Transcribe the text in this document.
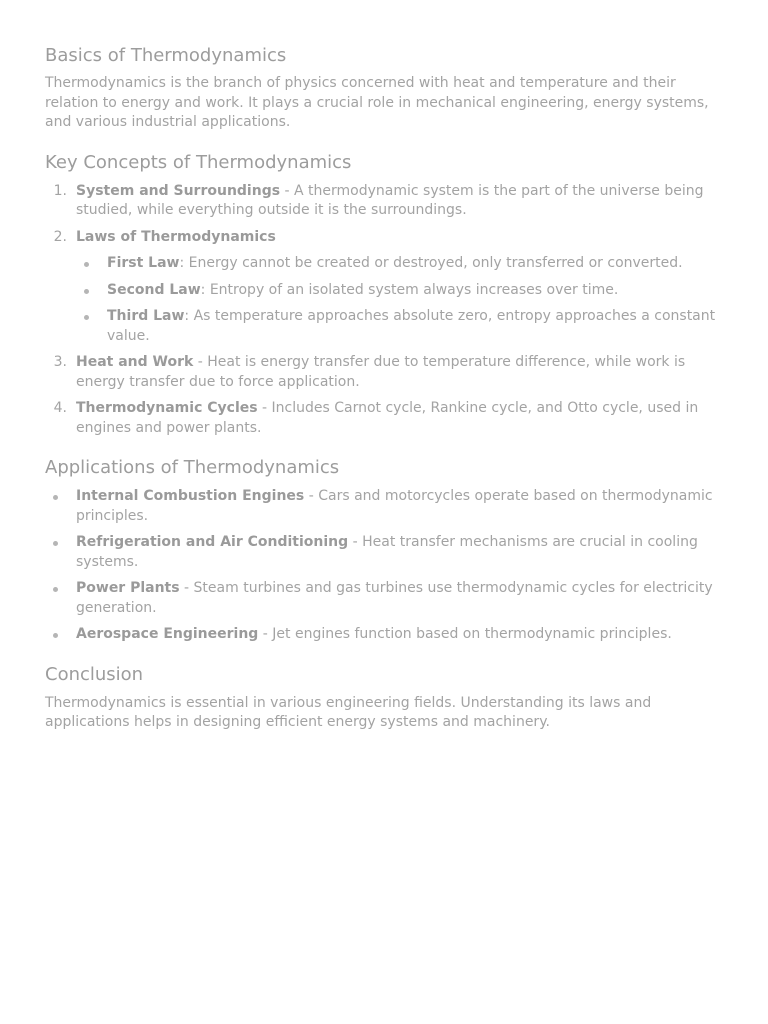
Basics of Thermodynamics

Thermodynamics is the branch of physics concerned with heat and temperature and their relation to energy and work. It plays a crucial role in mechanical engineering, energy systems, and various industrial applications.

Key Concepts of Thermodynamics
1. System and Surroundings - A thermodynamic system is the part of the universe being studied, while everything outside it is the surroundings.
2. Laws of Thermodynamics
First Law: Energy cannot be created or destroyed, only transferred or converted.
Second Law: Entropy of an isolated system always increases over time.
Third Law: As temperature approaches absolute zero, entropy approaches a constant value.
3. Heat and Work - Heat is energy transfer due to temperature difference, while work is energy transfer due to force application.
4. Thermodynamic Cycles - Includes Carnot cycle, Rankine cycle, and Otto cycle, used in engines and power plants.
Applications of Thermodynamics
Internal Combustion Engines - Cars and motorcycles operate based on thermodynamic principles.
Refrigeration and Air Conditioning - Heat transfer mechanisms are crucial in cooling systems.
Power Plants - Steam turbines and gas turbines use thermodynamic cycles for electricity generation.
Aerospace Engineering - Jet engines function based on thermodynamic principles.
Conclusion

Thermodynamics is essential in various engineering fields. Understanding its laws and applications helps in designing efficient energy systems and machinery.
